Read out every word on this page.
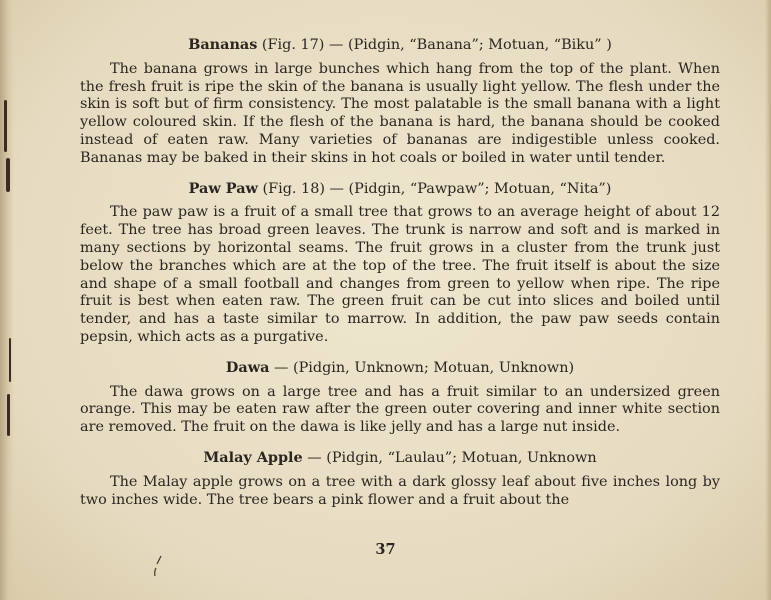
Bananas (Fig. 17) — (Pidgin, “Banana”; Motuan, “Biku” )

The banana grows in large bunches which hang from the top of the plant. When the fresh fruit is ripe the skin of the banana is usually light yellow. The flesh under the skin is soft but of firm consistency. The most palatable is the small banana with a light yellow coloured skin. If the flesh of the banana is hard, the banana should be cooked instead of eaten raw. Many varieties of bananas are indigestible unless cooked. Bananas may be baked in their skins in hot coals or boiled in water until tender.

Paw Paw (Fig. 18) — (Pidgin, “Pawpaw”; Motuan, “Nita”)

The paw paw is a fruit of a small tree that grows to an average height of about 12 feet. The tree has broad green leaves. The trunk is narrow and soft and is marked in many sections by horizontal seams. The fruit grows in a cluster from the trunk just below the branches which are at the top of the tree. The fruit itself is about the size and shape of a small football and changes from green to yellow when ripe. The ripe fruit is best when eaten raw. The green fruit can be cut into slices and boiled until tender, and has a taste similar to marrow. In addition, the paw paw seeds contain pepsin, which acts as a purgative.

Dawa — (Pidgin, Unknown; Motuan, Unknown)

The dawa grows on a large tree and has a fruit similar to an undersized green orange. This may be eaten raw after the green outer covering and inner white section are removed. The fruit on the dawa is like jelly and has a large nut inside.

Malay Apple — (Pidgin, “Laulau”; Motuan, Unknown

The Malay apple grows on a tree with a dark glossy leaf about five inches long by two inches wide. The tree bears a pink flower and a fruit about the

37
